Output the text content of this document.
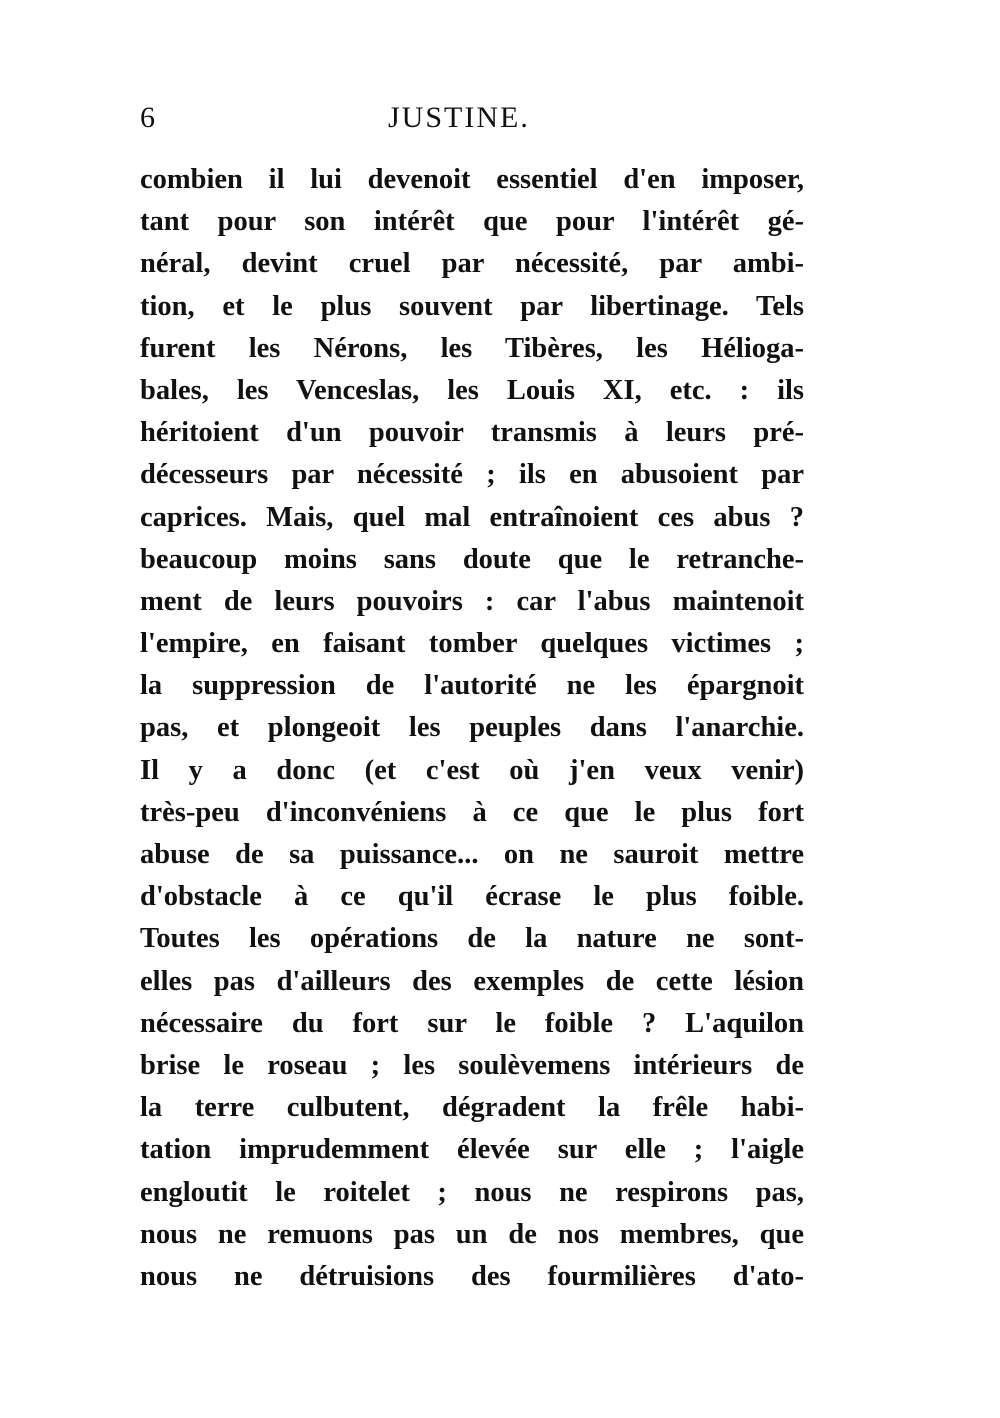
6	JUSTINE.
combien il lui devenoit essentiel d'en imposer,
tant pour son intérêt que pour l'intérêt gé-
néral, devint cruel par nécessité, par ambi-
tion, et le plus souvent par libertinage. Tels
furent les Nérons, les Tibères, les Hélioga-
bales, les Venceslas, les Louis XI, etc. : ils
héritoient d'un pouvoir transmis à leurs pré-
décesseurs par nécessité ; ils en abusoient par
caprices. Mais, quel mal entraînoient ces abus ?
beaucoup moins sans doute que le retranche-
ment de leurs pouvoirs : car l'abus maintenoit
l'empire, en faisant tomber quelques victimes ;
la suppression de l'autorité ne les épargnoit
pas, et plongeoit les peuples dans l'anarchie.
Il y a donc (et c'est où j'en veux venir)
très-peu d'inconvéniens à ce que le plus fort
abuse de sa puissance... on ne sauroit mettre
d'obstacle à ce qu'il écrase le plus foible.
Toutes les opérations de la nature ne sont-
elles pas d'ailleurs des exemples de cette lésion
nécessaire du fort sur le foible ? L'aquilon
brise le roseau ; les soulèvemens intérieurs de
la terre culbutent, dégradent la frêle habi-
tation imprudemment élevée sur elle ; l'aigle
engloutit le roitelet ; nous ne respirons pas,
nous ne remuons pas un de nos membres, que
nous ne détruisions des fourmilières d'ato-
